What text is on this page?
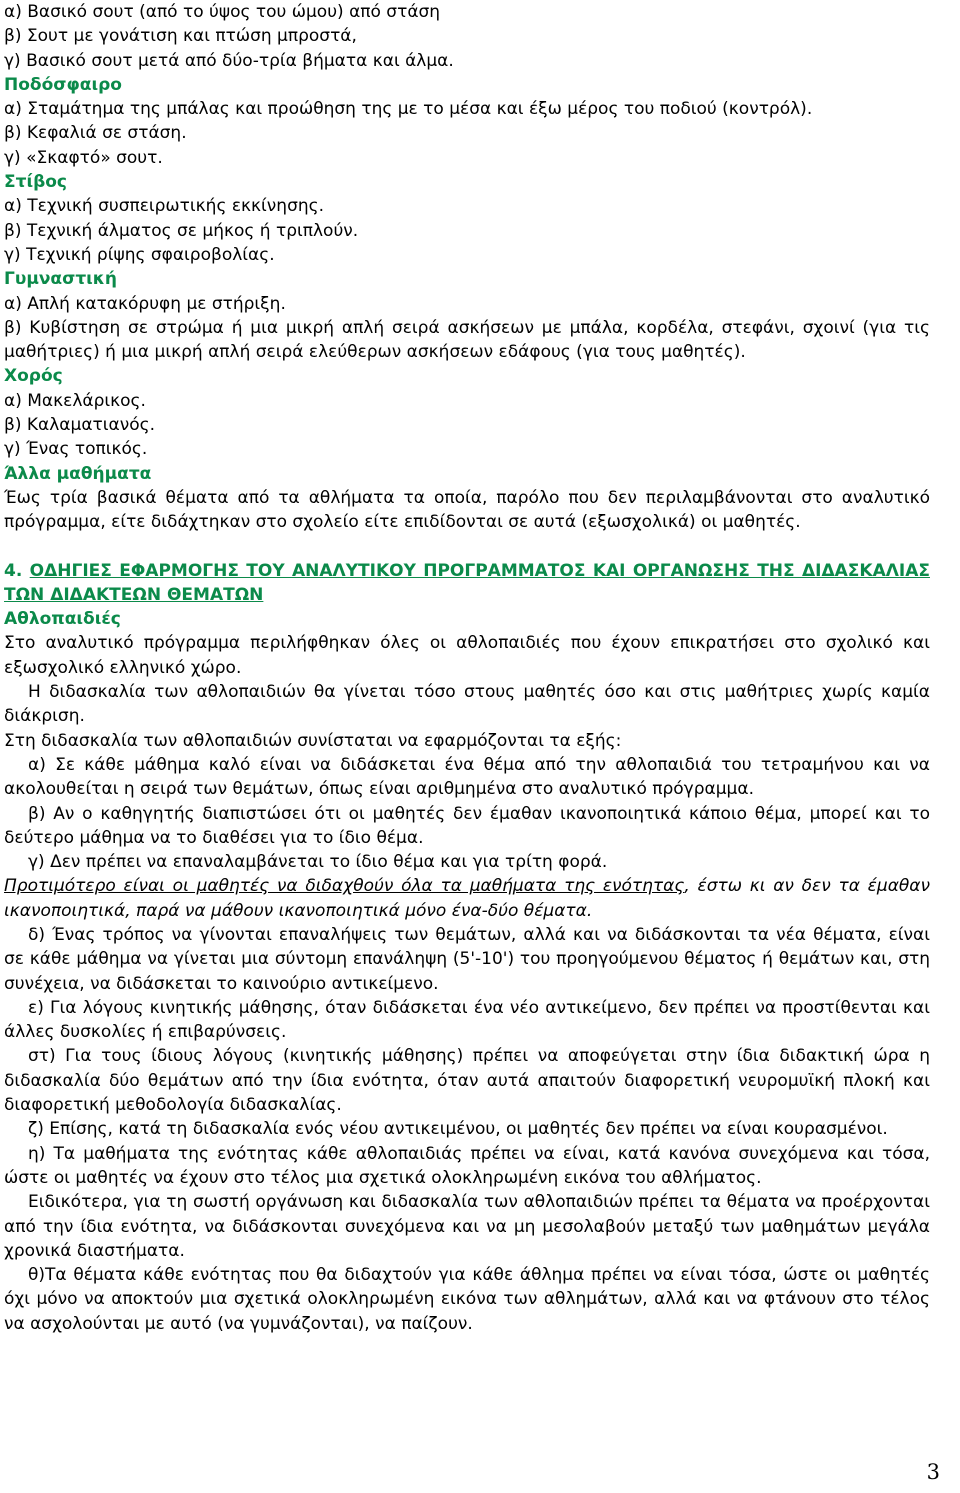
α) Βασικό σουτ (από το ύψος του ώμου) από στάση
β) Σουτ με γονάτιση και πτώση μπροστά,
γ) Βασικό σουτ μετά από δύο-τρία βήματα και άλμα.
Ποδόσφαιρο
α) Σταμάτημα της μπάλας και προώθηση της με το μέσα και έξω μέρος του ποδιού (κοντρόλ).
β) Κεφαλιά σε στάση.
γ) «Σκαφτό» σουτ.
Στίβος
α) Τεχνική συσπειρωτικής εκκίνησης.
β) Τεχνική άλματος σε μήκος ή τριπλούν.
γ) Τεχνική ρίψης σφαιροβολίας.
Γυμναστική
α) Απλή κατακόρυφη με στήριξη.

β) Κυβίστηση σε στρώμα ή μια μικρή απλή σειρά ασκήσεων με μπάλα, κορδέλα, στεφάνι, σχοινί (για τις μαθήτριες) ή μια μικρή απλή σειρά ελεύθερων ασκήσεων εδάφους (για τους μαθητές).

Χορός
α) Μακελάρικος.
β) Καλαματιανός.
γ) Ένας τοπικός.
Άλλα μαθήματα

Έως τρία βασικά θέματα από τα αθλήματα τα οποία, παρόλο που δεν περιλαμβάνονται στο αναλυτικό πρόγραμμα, είτε διδάχτηκαν στο σχολείο είτε επιδίδονται σε αυτά (εξωσχολικά) οι μαθητές.

4. ΟΔΗΓΙΕΣ ΕΦΑΡΜΟΓΗΣ ΤΟΥ ΑΝΑΛΥΤΙΚΟΥ ΠΡΟΓΡΑΜΜΑΤΟΣ ΚΑΙ ΟΡΓΑΝΩΣΗΣ ΤΗΣ ΔΙΔΑΣΚΑΛΙΑΣ ΤΩΝ ΔΙΔΑΚΤΕΩΝ ΘΕΜΑΤΩΝ

Αθλοπαιδιές

Στο αναλυτικό πρόγραμμα περιλήφθηκαν όλες οι αθλοπαιδιές που έχουν επικρατήσει στο σχολικό και εξωσχολικό ελληνικό χώρο.

Η διδασκαλία των αθλοπαιδιών θα γίνεται τόσο στους μαθητές όσο και στις μαθήτριες χωρίς καμία διάκριση.

Στη διδασκαλία των αθλοπαιδιών συνίσταται να εφαρμόζονται τα εξής:

α) Σε κάθε μάθημα καλό είναι να διδάσκεται ένα θέμα από την αθλοπαιδιά του τετραμήνου και να ακολουθείται η σειρά των θεμάτων, όπως είναι αριθμημένα στο αναλυτικό πρόγραμμα.

β) Αν ο καθηγητής διαπιστώσει ότι οι μαθητές δεν έμαθαν ικανοποιητικά κάποιο θέμα, μπορεί και το δεύτερο μάθημα να το διαθέσει για το ίδιο θέμα.

γ) Δεν πρέπει να επαναλαμβάνεται το ίδιο θέμα και για τρίτη φορά.

Προτιμότερο είναι οι μαθητές να διδαχθούν όλα τα μαθήματα της ενότητας, έστω κι αν δεν τα έμαθαν ικανοποιητικά, παρά να μάθουν ικανοποιητικά μόνο ένα-δύο θέματα.

δ) Ένας τρόπος να γίνονται επαναλήψεις των θεμάτων, αλλά και να διδάσκονται τα νέα θέματα, είναι σε κάθε μάθημα να γίνεται μια σύντομη επανάληψη (5'-10') του προηγούμενου θέματος ή θεμάτων και, στη συνέχεια, να διδάσκεται το καινούριο αντικείμενο.

ε) Για λόγους κινητικής μάθησης, όταν διδάσκεται ένα νέο αντικείμενο, δεν πρέπει να προστίθενται και άλλες δυσκολίες ή επιβαρύνσεις.

στ) Για τους ίδιους λόγους (κινητικής μάθησης) πρέπει να αποφεύγεται στην ίδια διδακτική ώρα η διδασκαλία δύο θεμάτων από την ίδια ενότητα, όταν αυτά απαιτούν διαφορετική νευρομυϊκή πλοκή και διαφορετική μεθοδολογία διδασκαλίας.

ζ) Επίσης, κατά τη διδασκαλία ενός νέου αντικειμένου, οι μαθητές δεν πρέπει να είναι κουρασμένοι.

η) Τα μαθήματα της ενότητας κάθε αθλοπαιδιάς πρέπει να είναι, κατά κανόνα συνεχόμενα και τόσα, ώστε οι μαθητές να έχουν στο τέλος μια σχετικά ολοκληρωμένη εικόνα του αθλήματος.

Ειδικότερα, για τη σωστή οργάνωση και διδασκαλία των αθλοπαιδιών πρέπει τα θέματα να προέρχονται από την ίδια ενότητα, να διδάσκονται συνεχόμενα και να μη μεσολαβούν μεταξύ των μαθημάτων μεγάλα χρονικά διαστήματα.

θ)Τα θέματα κάθε ενότητας που θα διδαχτούν για κάθε άθλημα πρέπει να είναι τόσα, ώστε οι μαθητές όχι μόνο να αποκτούν μια σχετικά ολοκληρωμένη εικόνα των αθλημάτων, αλλά και να φτάνουν στο τέλος να ασχολούνται με αυτό (να γυμνάζονται), να παίζουν.

3
